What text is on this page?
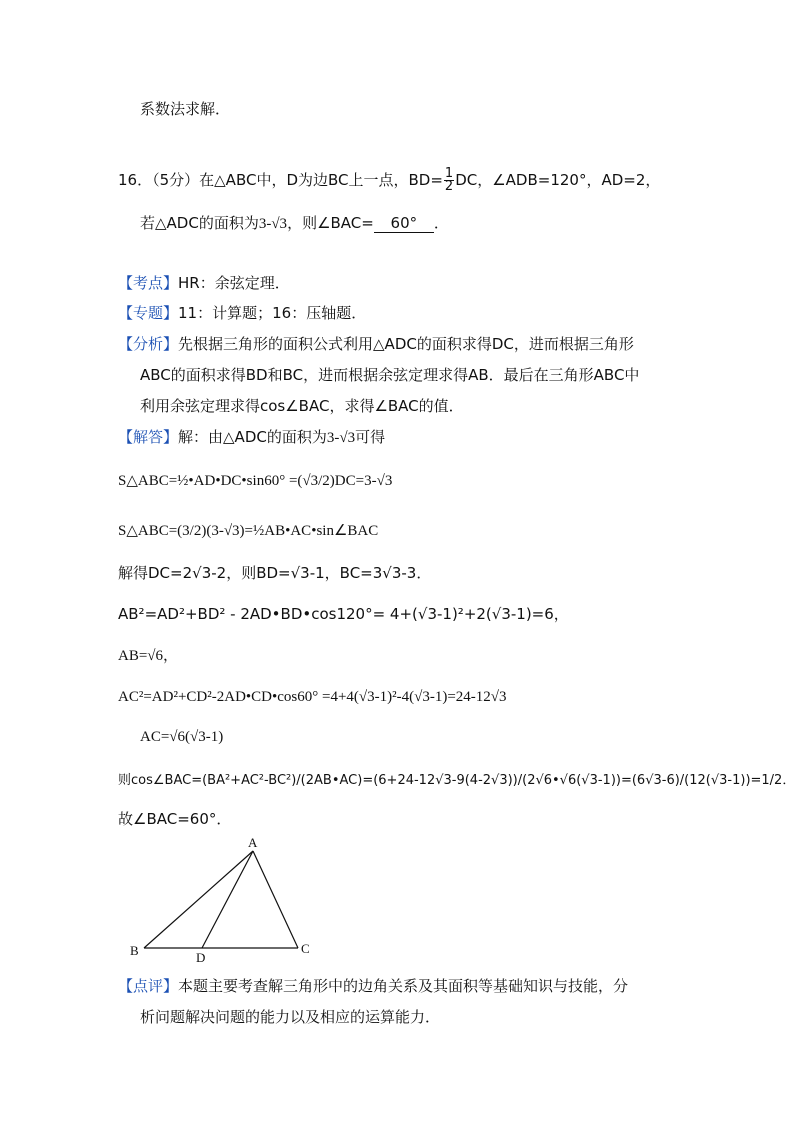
系数法求解．
16．（5分）在△ABC中，D为边BC上一点，$BD= \frac{1}{2}$ DC，∠ADB=120°，AD=2，
若△ADC的面积为3-√3，则∠BAC= 60° ．
【考点】HR：余弦定理．
【专题】11：计算题；16：压轴题．
【分析】先根据三角形的面积公式利用△ADC的面积求得DC，进而根据三角形
ABC的面积求得BD和BC，进而根据余弦定理求得AB．最后在三角形ABC中
利用余弦定理求得cos∠BAC，求得∠BAC的值．
【解答】解：由△ADC的面积为3-√3可得
S△ABC=½•AD•DC•sin60° =(√3/2)DC=3-√3
S△ABC=(3/2)(3-√3)=½AB•AC•sin∠BAC
解得DC=2√3-2，则BD=√3-1，BC=3√3-3．
AB²=AD²+BD² - 2AD•BD•cos120°= 4+(√3-1)²+2(√3-1)=6，
AB=√6，
AC²=AD²+CD²-2AD•CD•cos60° =4+4(√3-1)²-4(√3-1)=24-12√3
AC=√6(√3-1)
则cos∠BAC=(BA²+AC²-BC²)/(2AB•AC)=(6+24-12√3-9(4-2√3))/(2√6•√6(√3-1))=(6√3-6)/(12(√3-1))=1/2．
故∠BAC=60°．
A
B	C
D
【点评】本题主要考查解三角形中的边角关系及其面积等基础知识与技能，分
析问题解决问题的能力以及相应的运算能力．
